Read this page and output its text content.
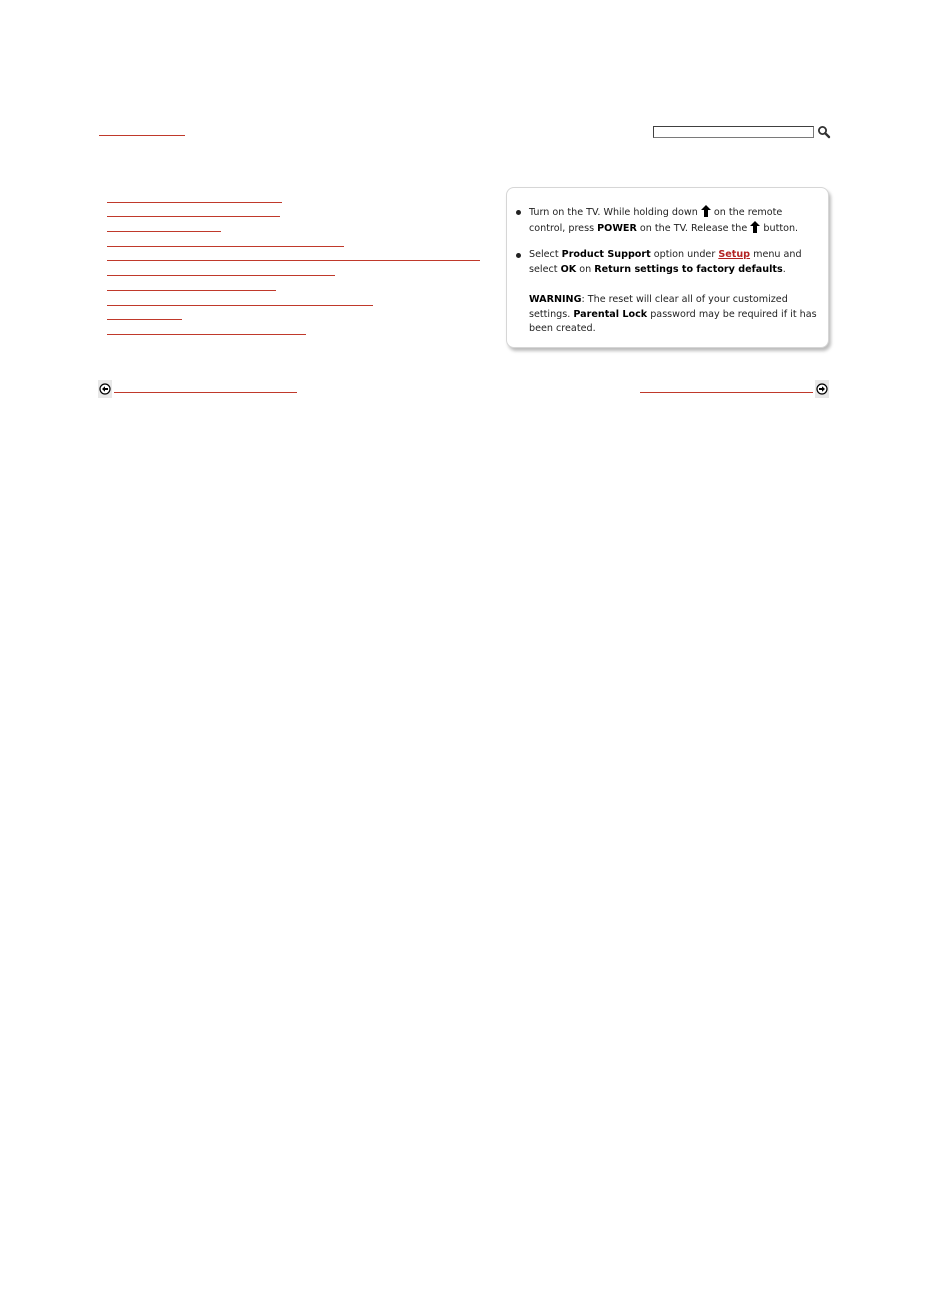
Turn on the TV. While holding down on the remote control, press POWER on the TV. Release the button.
Select Product Support option under Setup menu and select OK on Return settings to factory defaults.
WARNING: The reset will clear all of your customized settings. Parental Lock password may be required if it has been created.
